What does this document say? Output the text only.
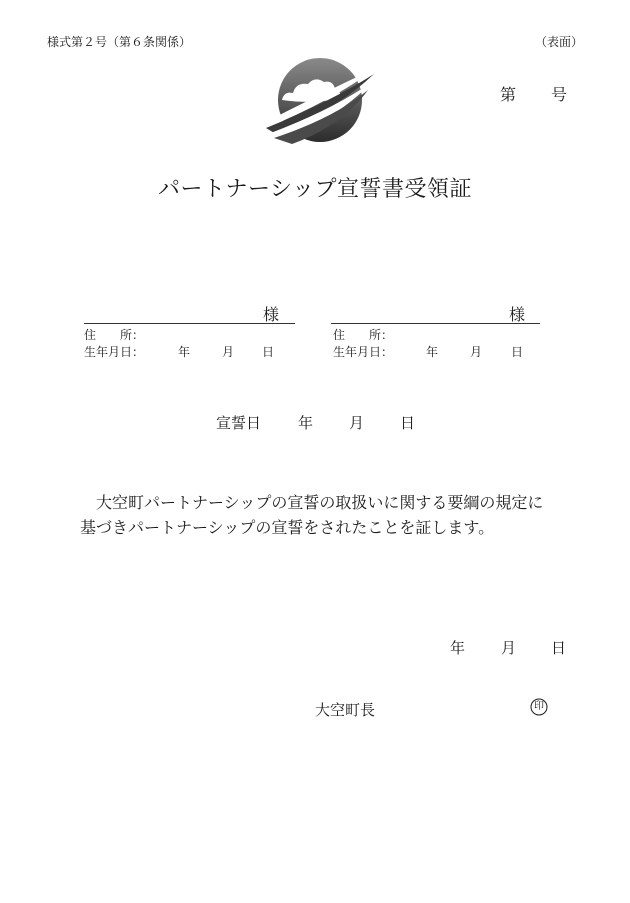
様式第２号（第６条関係）	（表面）
第 号
パートナーシップ宣誓書受領証
様
住　　所：
生年月日：	年	月 日
様
住　　所：
生年月日：	年	月 日
宣誓日 年 月 日

　大空町パートナーシップの宣誓の取扱いに関する要綱の規定に

基づきパートナーシップの宣誓をされたことを証します。

年 月 日
大空町長	印
